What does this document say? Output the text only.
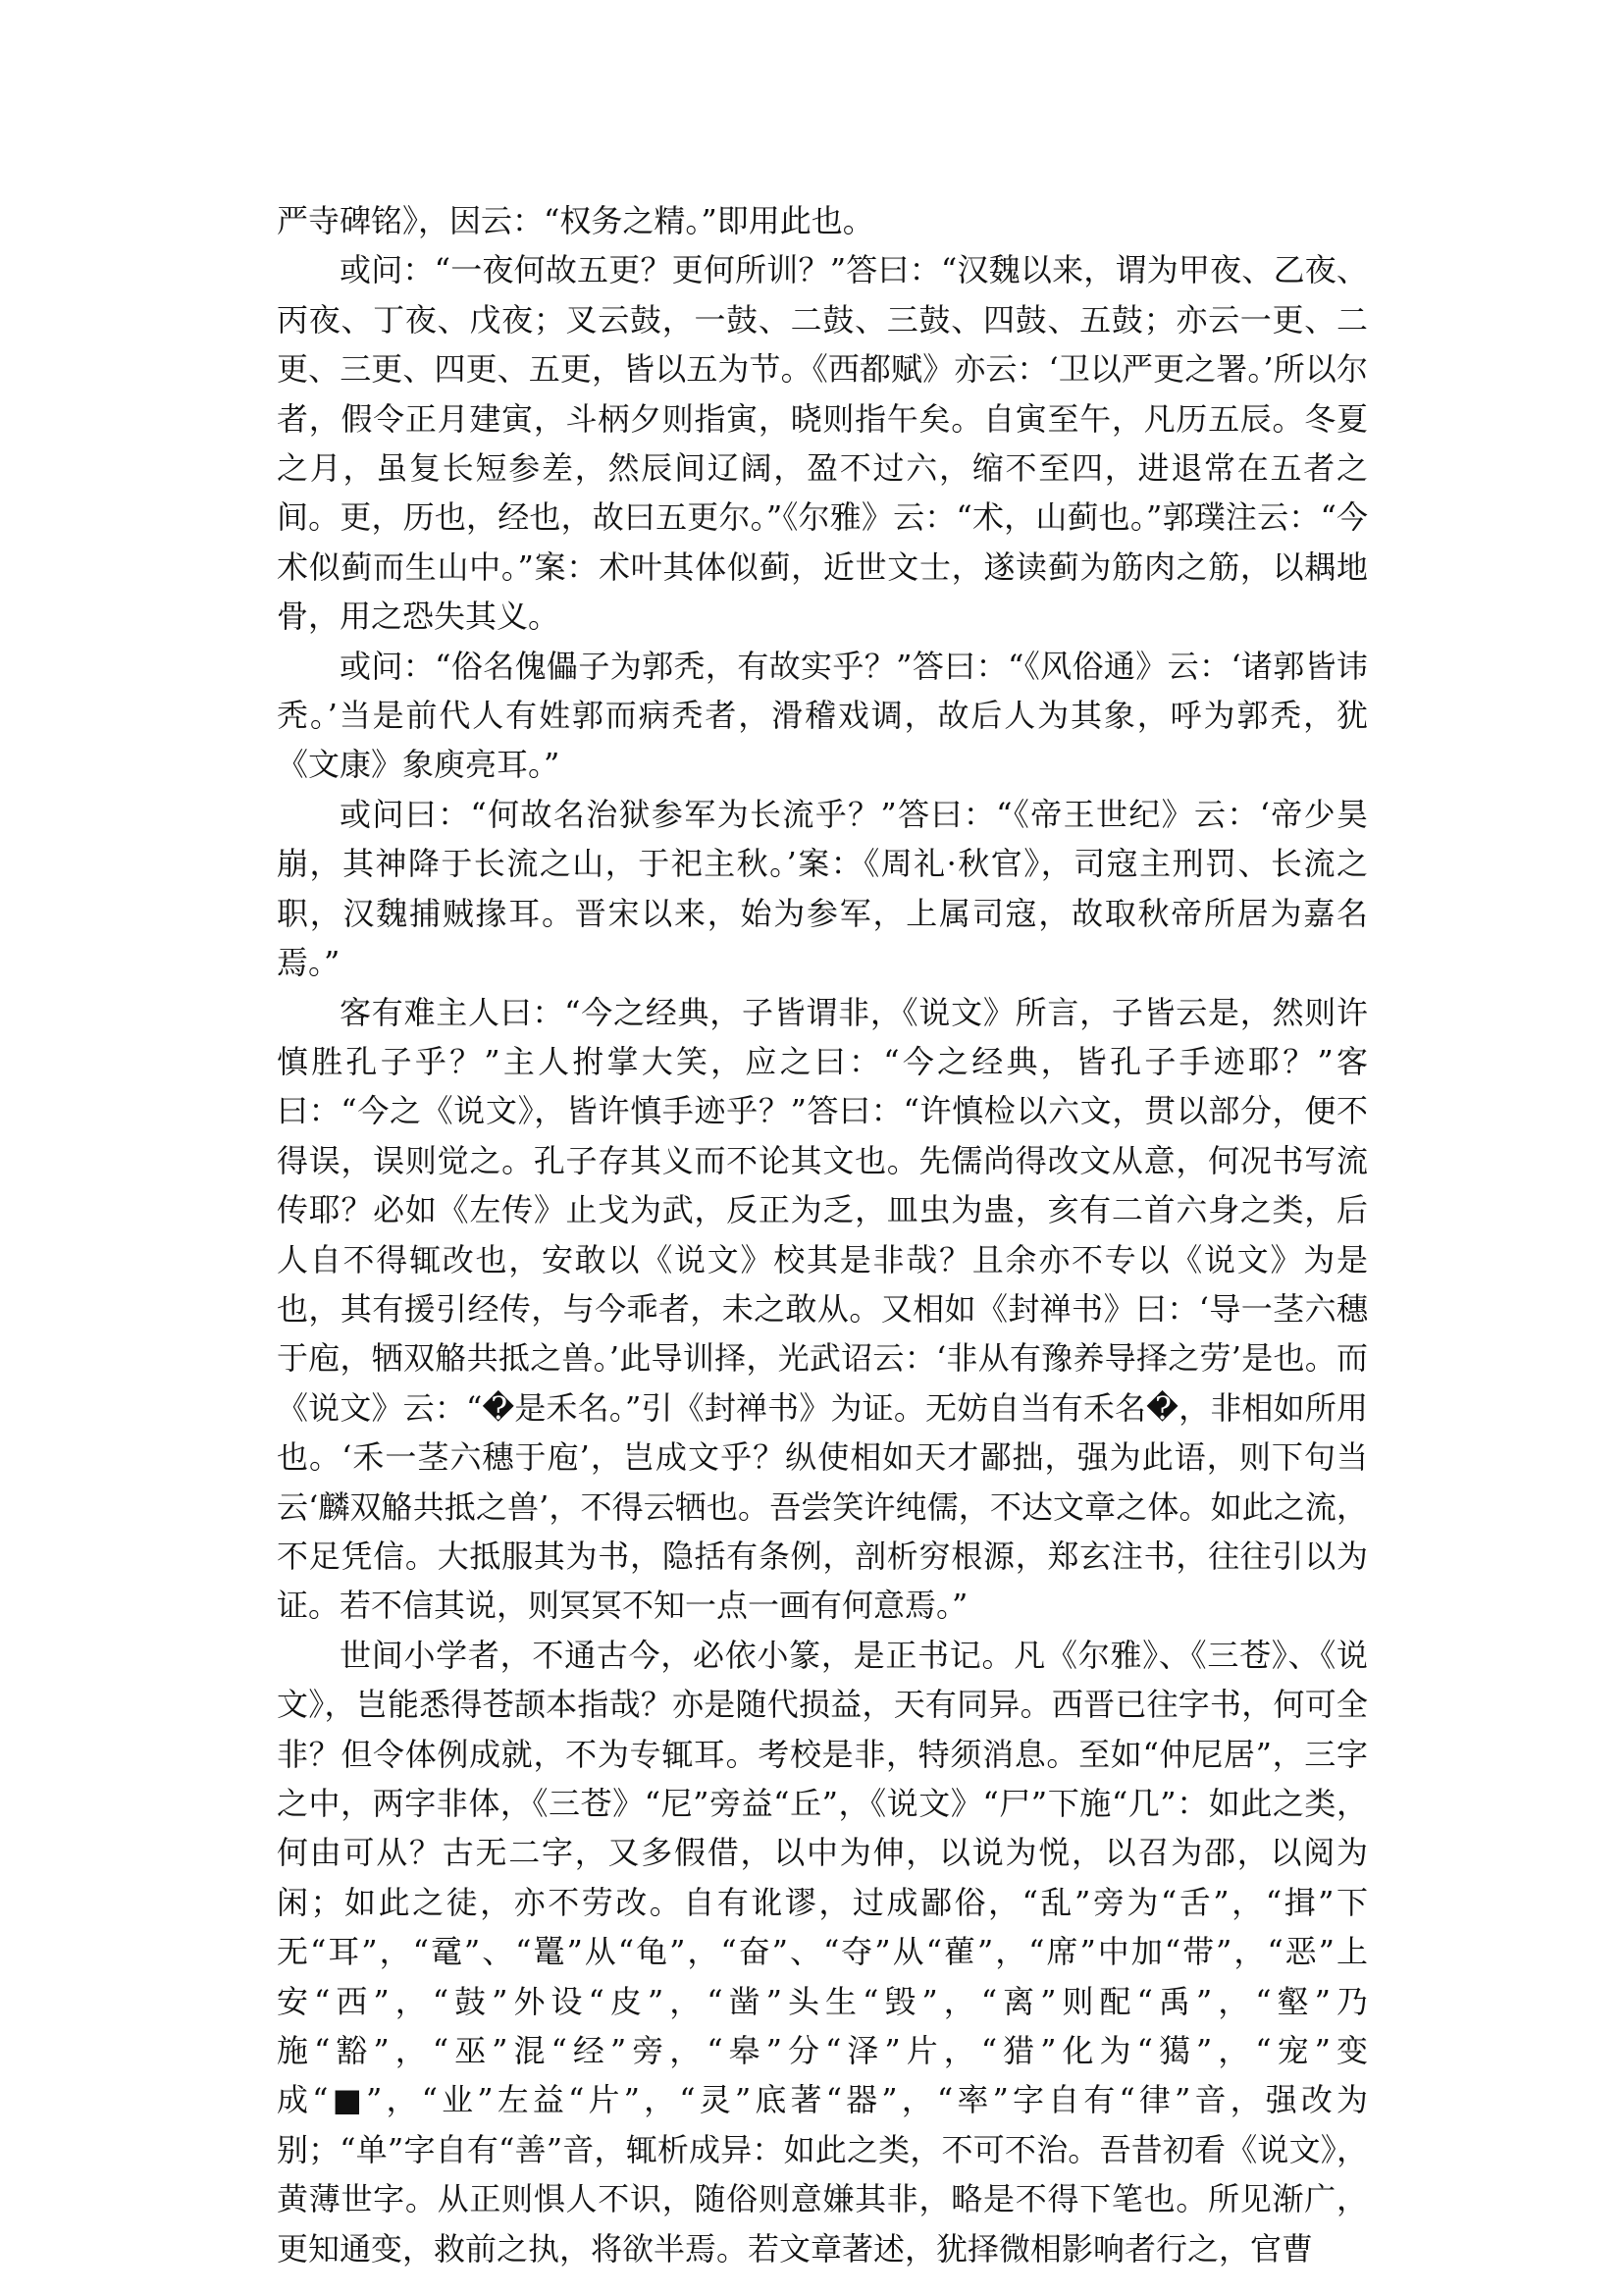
严寺碑铭》，因云：“权务之精。”即用此也。

或问：“一夜何故五更？更何所训？”答曰：“汉魏以来，谓为甲夜、乙夜、丙夜、丁夜、戊夜；叉云鼓，一鼓、二鼓、三鼓、四鼓、五鼓；亦云一更、二更、三更、四更、五更，皆以五为节。《西都赋》亦云：‘卫以严更之署。’所以尔者，假令正月建寅，斗柄夕则指寅，晓则指午矣。自寅至午，凡历五辰。冬夏之月，虽复长短参差，然辰间辽阔，盈不过六，缩不至四，进退常在五者之间。更，历也，经也，故曰五更尔。”《尔雅》云：“术，山蓟也。”郭璞注云：“今术似蓟而生山中。”案：术叶其体似蓟，近世文士，遂读蓟为筋肉之筋，以耦地骨，用之恐失其义。

或问：“俗名傀儡子为郭秃，有故实乎？”答曰：“《风俗通》云：‘诸郭皆讳秃。’当是前代人有姓郭而病秃者，滑稽戏调，故后人为其象，呼为郭秃，犹《文康》象庾亮耳。”

或问曰：“何故名治狱参军为长流乎？”答曰：“《帝王世纪》云：‘帝少昊崩，其神降于长流之山，于祀主秋。’案：《周礼·秋官》，司寇主刑罚、长流之职，汉魏捕贼掾耳。晋宋以来，始为参军，上属司寇，故取秋帝所居为嘉名焉。”

客有难主人曰：“今之经典，子皆谓非，《说文》所言，子皆云是，然则许慎胜孔子乎？”主人拊掌大笑，应之曰：“今之经典，皆孔子手迹耶？”客曰：“今之《说文》，皆许慎手迹乎？”答曰：“许慎检以六文，贯以部分，便不得误，误则觉之。孔子存其义而不论其文也。先儒尚得改文从意，何况书写流传耶？必如《左传》止戈为武，反正为乏，皿虫为蛊，亥有二首六身之类，后人自不得辄改也，安敢以《说文》校其是非哉？且余亦不专以《说文》为是也，其有援引经传，与今乖者，未之敢从。又相如《封禅书》曰：‘导一茎六穗于庖，牺双觡共抵之兽。’此导训择，光武诏云：‘非从有豫养导择之劳’是也。而《说文》云：“�是禾名。”引《封禅书》为证。无妨自当有禾名�，非相如所用也。‘禾一茎六穗于庖’，岂成文乎？纵使相如天才鄙拙，强为此语，则下句当云‘麟双觡共抵之兽’，不得云牺也。吾尝笑许纯儒，不达文章之体。如此之流，不足凭信。大抵服其为书，隐括有条例，剖析穷根源，郑玄注书，往往引以为证。若不信其说，则冥冥不知一点一画有何意焉。”

世间小学者，不通古今，必依小篆，是正书记。凡《尔雅》、《三苍》、《说文》，岂能悉得苍颉本指哉？亦是随代损益，天有同异。西晋已往字书，何可全非？但令体例成就，不为专辄耳。考校是非，特须消息。至如“仲尼居”，三字之中，两字非体，《三苍》“尼”旁益“丘”，《说文》“尸”下施“几”：如此之类，何由可从？古无二字，又多假借，以中为伸，以说为悦，以召为邵，以阅为闲；如此之徒，亦不劳改。自有讹谬，过成鄙俗，“乱”旁为“舌”，“揖”下无“耳”，“鼋”、“鼍”从“龟”，“奋”、“夺”从“雚”，“席”中加“带”，“恶”上安“西”，“鼓”外设“皮”，“凿”头生“毁”，“离”则配“禹”，“壑”乃施“豁”，“巫”混“经”旁，“皋”分“泽”片，“猎”化为“獦”，“宠”变成“■”，“业”左益“片”，“灵”底著“器”，“率”字自有“律”音，强改为别；“单”字自有“善”音，辄析成异：如此之类，不可不治。吾昔初看《说文》，黄薄世字。从正则惧人不识，随俗则意嫌其非，略是不得下笔也。所见渐广，更知通变，救前之执，将欲半焉。若文章著述，犹择微相影响者行之，官曹
